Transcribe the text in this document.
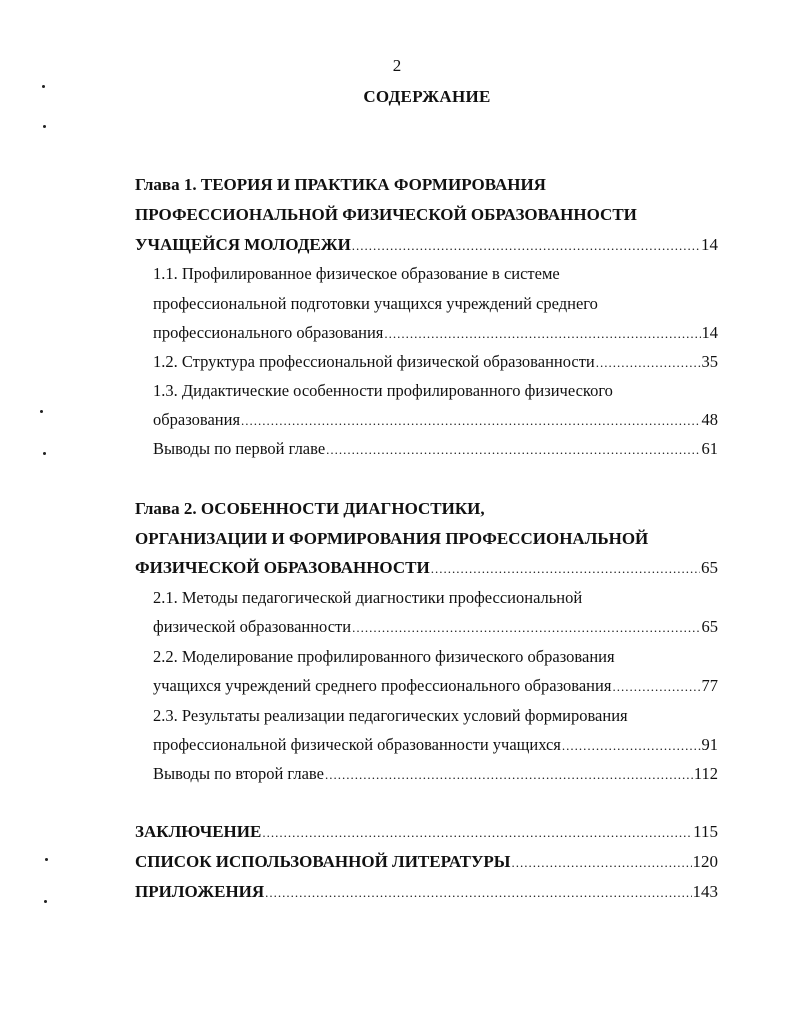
2
СОДЕРЖАНИЕ
Глава 1. ТЕОРИЯ И ПРАКТИКА ФОРМИРОВАНИЯ
ПРОФЕССИОНАЛЬНОЙ ФИЗИЧЕСКОЙ ОБРАЗОВАННОСТИ
УЧАЩЕЙСЯ МОЛОДЕЖИ .....	14
1.1. Профилированное физическое образование в системе
профессиональной подготовки учащихся учреждений среднего
профессионального образования .....	14
1.2. Структура профессиональной физической образованности .....	35
1.3. Дидактические особенности профилированного физического
образования .....	48
Выводы по первой главе .....	61
Глава 2. ОСОБЕННОСТИ ДИАГНОСТИКИ,
ОРГАНИЗАЦИИ И ФОРМИРОВАНИЯ ПРОФЕССИОНАЛЬНОЙ
ФИЗИЧЕСКОЙ ОБРАЗОВАННОСТИ .....	65
2.1. Методы педагогической диагностики профессиональной
физической образованности .....	65
2.2. Моделирование профилированного физического образования
учащихся учреждений среднего профессионального образования .....	77
2.3. Результаты реализации педагогических условий формирования
профессиональной физической образованности учащихся .....	91
Выводы по второй главе .....	112
ЗАКЛЮЧЕНИЕ .....	115
СПИСОК ИСПОЛЬЗОВАННОЙ ЛИТЕРАТУРЫ .....	120
ПРИЛОЖЕНИЯ .....	143
